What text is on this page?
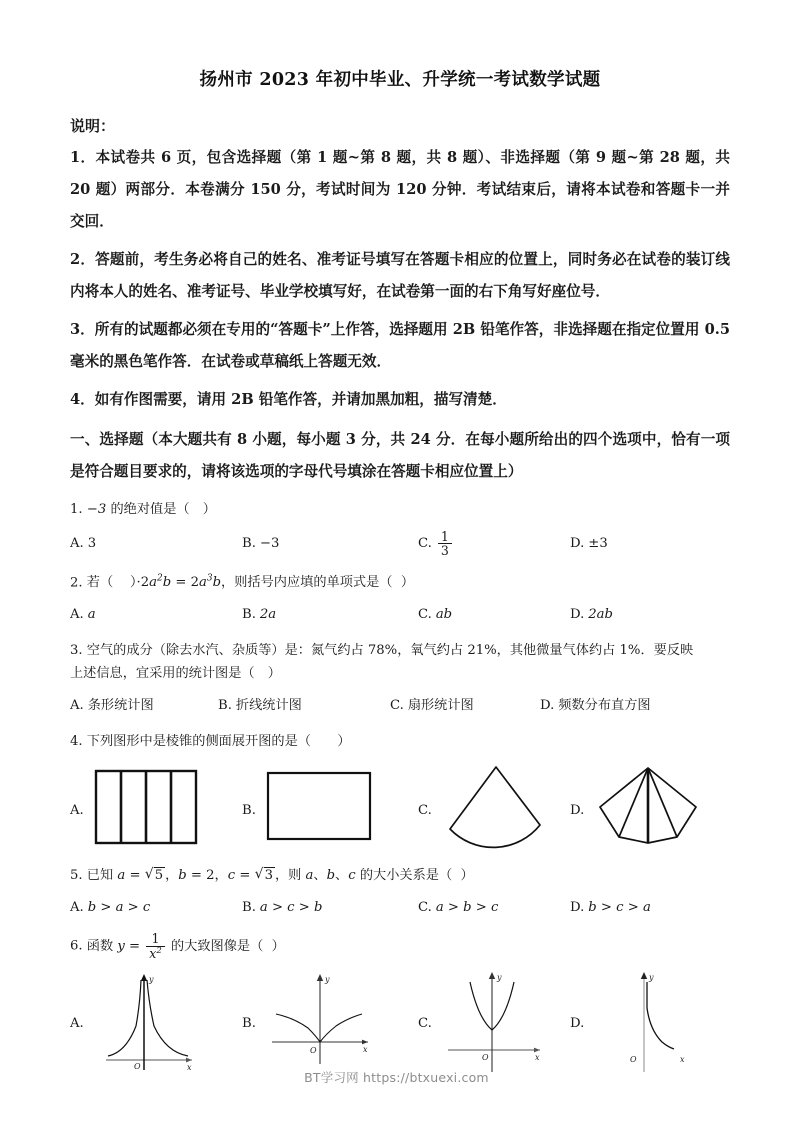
扬州市 2023 年初中毕业、升学统一考试数学试题
说明：
1．本试卷共 6 页，包含选择题（第 1 题~第 8 题，共 8 题）、非选择题（第 9 题~第 28 题，共 20 题）两部分．本卷满分 150 分，考试时间为 120 分钟．考试结束后，请将本试卷和答题卡一并交回．
2．答题前，考生务必将自己的姓名、准考证号填写在答题卡相应的位置上，同时务必在试卷的装订线内将本人的姓名、准考证号、毕业学校填写好，在试卷第一面的右下角写好座位号．
3．所有的试题都必须在专用的“答题卡”上作答，选择题用 2B 铅笔作答，非选择题在指定位置用 0.5 毫米的黑色笔作答．在试卷或草稿纸上答题无效．
4．如有作图需要，请用 2B 铅笔作答，并请加黑加粗，描写清楚．
一、选择题（本大题共有 8 小题，每小题 3 分，共 24 分．在每小题所给出的四个选项中，恰有一项是符合题目要求的，请将该选项的字母代号填涂在答题卡相应位置上）
1. −3 的绝对值是（　）
A. 3	B. −3	C. $\frac{1}{3}$	D. ±3
2. 若（    ）$\cdot 2a^2b = 2a^3b$，则括号内应填的单项式是（  ）
A. a	B. 2a	C. ab	D. 2ab
3. 空气的成分（除去水汽、杂质等）是：氮气约占 78%，氧气约占 21%，其他微量气体约占 1%．要反映
上述信息，宜采用的统计图是（　）
A. 条形统计图	B. 折线统计图	C. 扇形统计图	D. 频数分布直方图
4. 下列图形中是棱锥的侧面展开图的是（　　）
A.	B.	C.	D.
5. 已知 a = √ 5 ，b = 2，c = √ 3 ，则 a、b、c 的大小关系是（  ）
A. b > a > c	B. a > c > b	C. a > b > c	D. b > c > a
6. 函数 $y = \frac{1}{x^2}$ 的大致图像是（  ）
A.
y
x
O
B.
y
x
O
C.
y
x
O
D.
y
x
O
BT学习网 https://btxuexi.com
